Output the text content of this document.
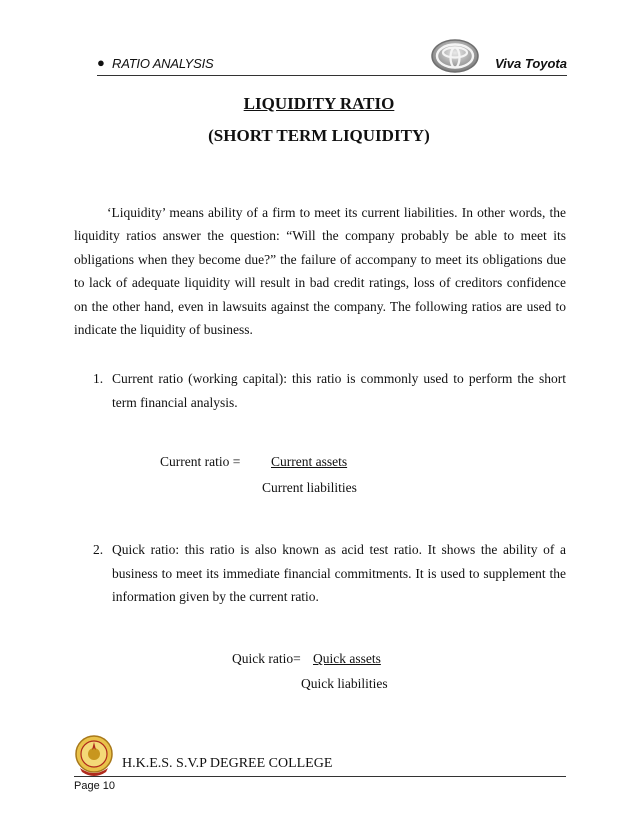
● RATIO ANALYSIS	Viva Toyota
LIQUIDITY RATIO
(SHORT TERM LIQUIDITY)

‘Liquidity’ means ability of a firm to meet its current liabilities. In other words, the liquidity ratios answer the question: “Will the company probably be able to meet its obligations when they become due?” the failure of accompany to meet its obligations due to lack of adequate liquidity will result in bad credit ratings, loss of creditors confidence on the other hand, even in lawsuits against the company. The following ratios are used to indicate the liquidity of business.

1. Current ratio (working capital): this ratio is commonly used to perform the short term financial analysis.

Current ratio = Current assets
Current liabilities
2. Quick ratio: this ratio is also known as acid test ratio. It shows the ability of a business to meet its immediate financial commitments. It is used to supplement the information given by the current ratio.

Quick ratio= Quick assets
Quick liabilities
H.K.E.S. S.V.P DEGREE COLLEGE
Page 10
